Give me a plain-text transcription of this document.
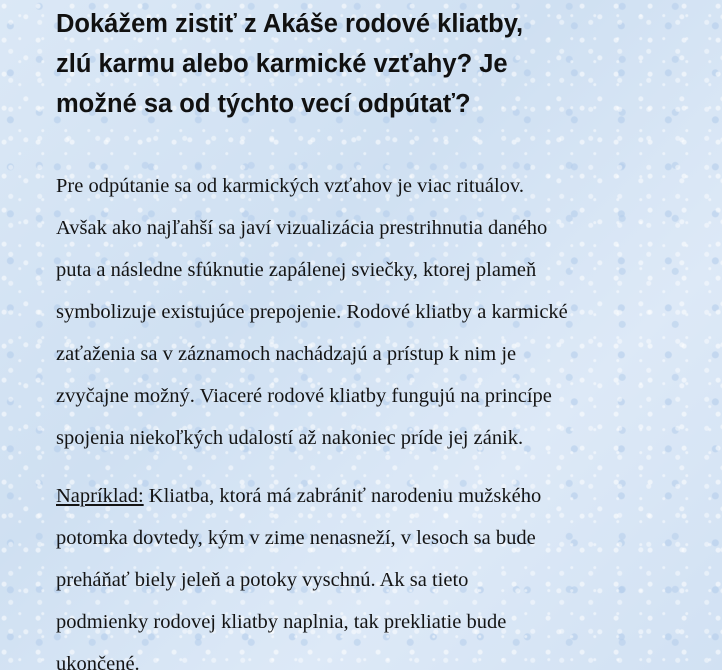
Dokážem zistiť z Akáše rodové kliatby,
zlú karmu alebo karmické vzťahy? Je
možné sa od týchto vecí odpútať?

Pre odpútanie sa od karmických vzťahov je viac rituálov.
Avšak ako najľahší sa javí vizualizácia prestrihnutia daného
puta a následne sfúknutie zapálenej sviečky, ktorej plameň
symbolizuje existujúce prepojenie. Rodové kliatby a karmické
zaťaženia sa v záznamoch nachádzajú a prístup k nim je
zvyčajne možný. Viaceré rodové kliatby fungujú na princípe
spojenia niekoľkých udalostí až nakoniec príde jej zánik.

Napríklad: Kliatba, ktorá má zabrániť narodeniu mužského
potomka dovtedy, kým v zime nenasneží, v lesoch sa bude
preháňať biely jeleň a potoky vyschnú. Ak sa tieto
podmienky rodovej kliatby naplnia, tak prekliatie bude
ukončené.
